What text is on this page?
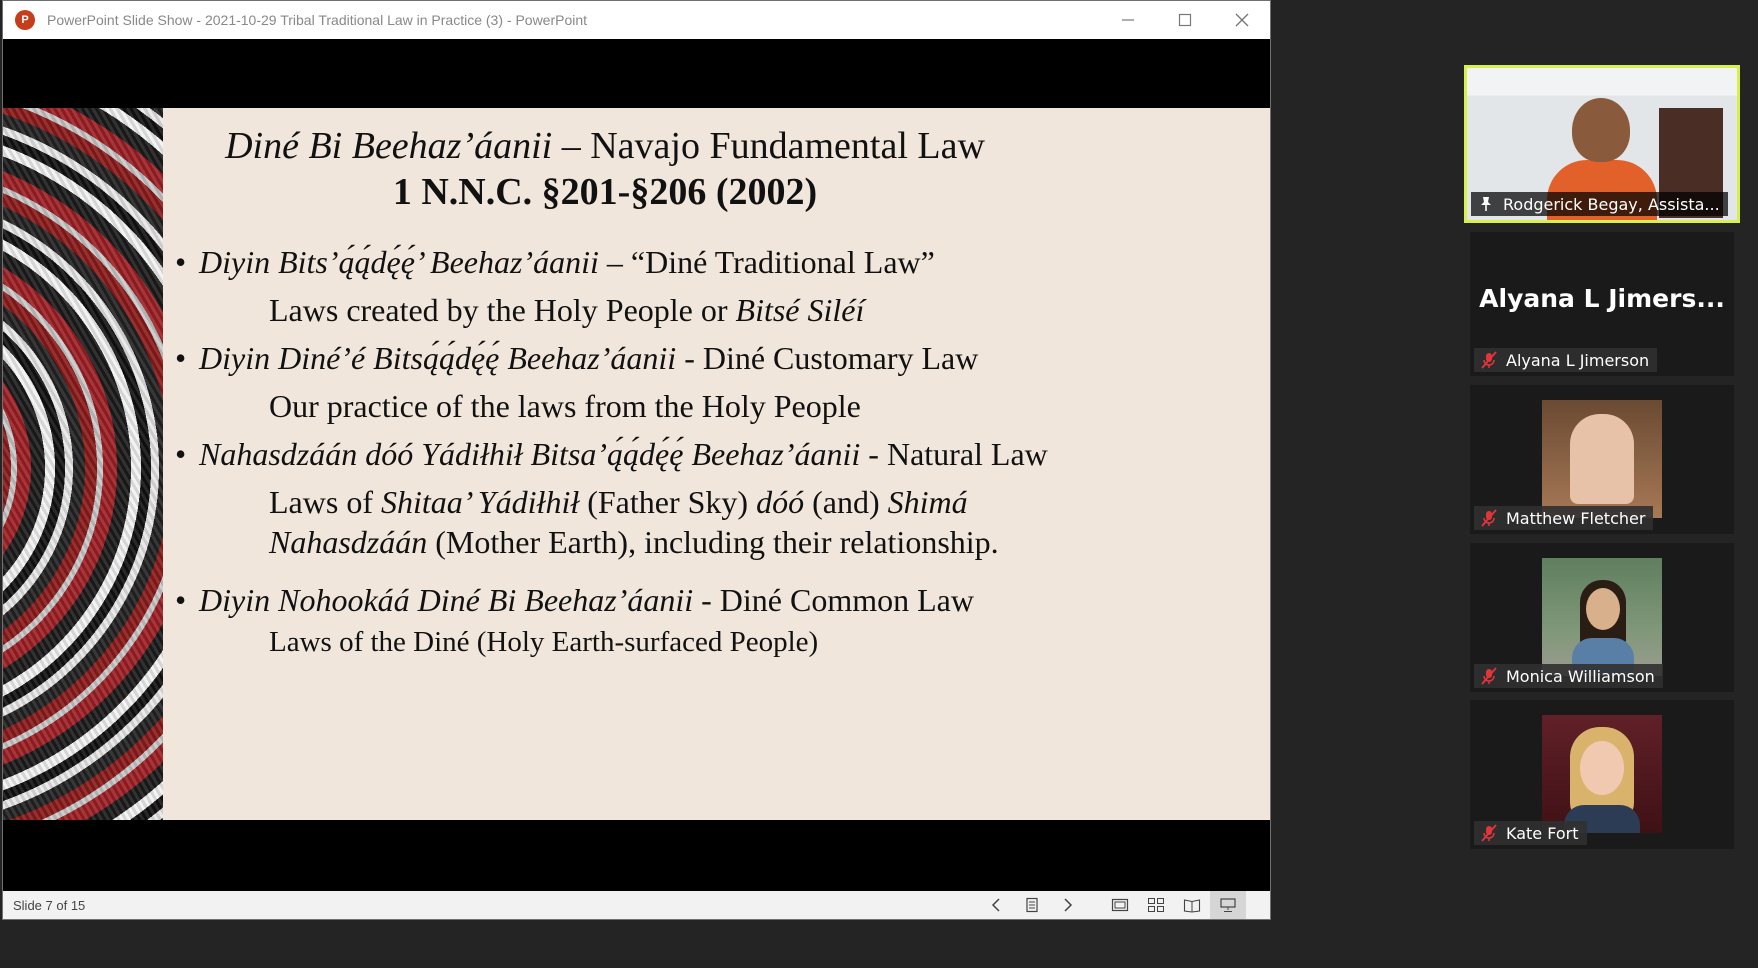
P	PowerPoint Slide Show - 2021-10-29 Tribal Traditional Law in Practice (3) - PowerPoint
Diné Bi Beehaz’áanii – Navajo Fundamental Law
1 N.N.C. §201-§206 (2002)
• Diyin Bits’ą́ą́dę́ę́’ Beehaz’áanii – “Diné Traditional Law”
Laws created by the Holy People or Bitsé Siléí
• Diyin Diné’é Bitsą́ą́dę́ę́ Beehaz’áanii - Diné Customary Law
Our practice of the laws from the Holy People
• Nahasdzáán dóó Yádiłhił Bitsa’ą́ą́dę́ę́ Beehaz’áanii - Natural Law
Laws of Shitaa’ Yádiłhił (Father Sky) dóó (and) Shimá
Nahasdzáán (Mother Earth), including their relationship.
• Diyin Nohookáá Diné Bi Beehaz’áanii - Diné Common Law
Laws of the Diné (Holy Earth-surfaced People)
Slide 7 of 15
Rodgerick Begay, Assista...
Alyana L Jimers...
Alyana L Jimerson
Matthew Fletcher
Monica Williamson
Kate Fort
